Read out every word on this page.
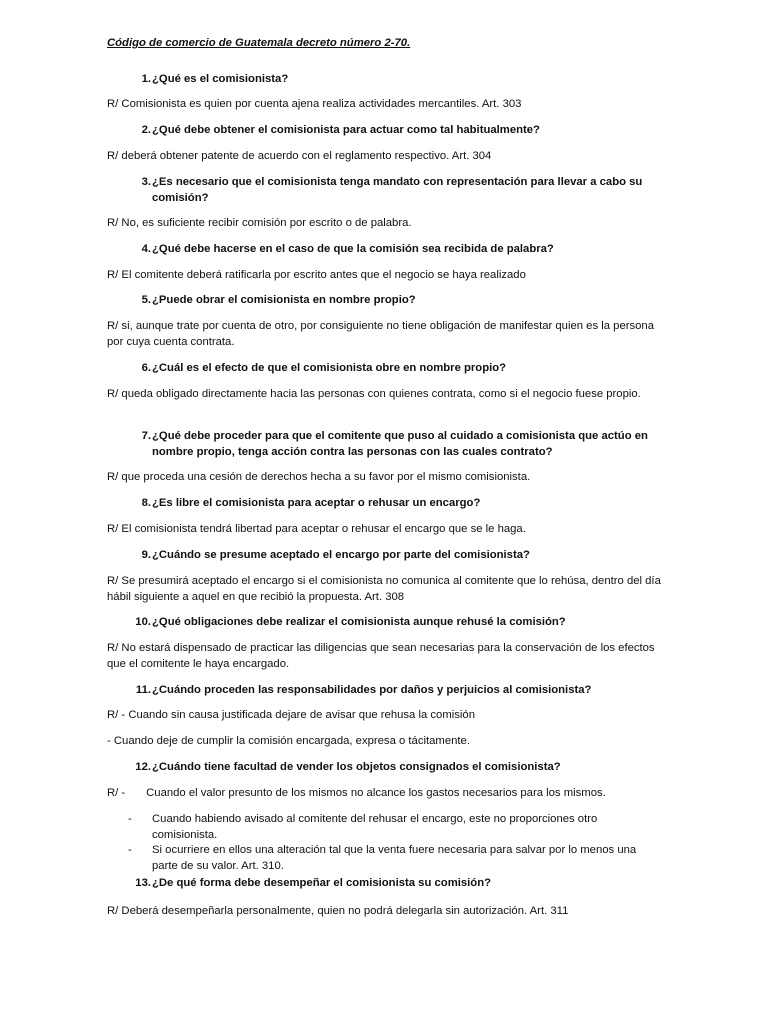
Código de comercio de Guatemala decreto número 2-70.
1. ¿Qué es el comisionista?
R/ Comisionista es quien por cuenta ajena realiza actividades mercantiles. Art. 303
2. ¿Qué debe obtener el comisionista para actuar como tal habitualmente?
R/ deberá obtener patente de acuerdo con el reglamento respectivo. Art. 304
3. ¿Es necesario que el comisionista tenga mandato con representación para llevar a cabo su comisión?
R/ No, es suficiente recibir comisión por escrito o de palabra.
4. ¿Qué debe hacerse en el caso de que la comisión sea recibida de palabra?
R/ El comitente deberá ratificarla por escrito antes que el negocio se haya realizado
5. ¿Puede obrar el comisionista en nombre propio?
R/ si, aunque trate por cuenta de otro, por consiguiente no tiene obligación de manifestar quien es la persona por cuya cuenta contrata.
6. ¿Cuál es el efecto de que el comisionista obre en nombre propio?
R/ queda obligado directamente hacia las personas con quienes contrata, como si el negocio fuese propio.
7. ¿Qué debe proceder para que el comitente que puso al cuidado a comisionista que actúo en nombre propio, tenga acción contra las personas con las cuales contrato?
R/ que proceda una cesión de derechos hecha a su favor por el mismo comisionista.
8. ¿Es libre el comisionista para aceptar o rehusar un encargo?
R/ El comisionista tendrá libertad para aceptar o rehusar el encargo que se le haga.
9. ¿Cuándo se presume aceptado el encargo por parte del comisionista?
R/ Se presumirá aceptado el encargo si el comisionista no comunica al comitente que lo rehúsa, dentro del día hábil siguiente a aquel en que recibió la propuesta. Art. 308
10. ¿Qué obligaciones debe realizar el comisionista aunque rehusé la comisión?
R/ No estará dispensado de practicar las diligencias que sean necesarias para la conservación de los efectos que el comitente le haya encargado.
11. ¿Cuándo proceden las responsabilidades por daños y perjuicios al comisionista?
R/ - Cuando sin causa justificada dejare de avisar que rehusa la comisión
- Cuando deje de cumplir la comisión encargada, expresa o tácitamente.
12. ¿Cuándo tiene facultad de vender los objetos consignados el comisionista?
R/ - Cuando el valor presunto de los mismos no alcance los gastos necesarios para los mismos.
-	Cuando habiendo avisado al comitente del rehusar el encargo, este no proporciones otro comisionista.
-	Si ocurriere en ellos una alteración tal que la venta fuere necesaria para salvar por lo menos una parte de su valor. Art. 310.
13. ¿De qué forma debe desempeñar el comisionista su comisión?
R/ Deberá desempeñarla personalmente, quien no podrá delegarla sin autorización. Art. 311
